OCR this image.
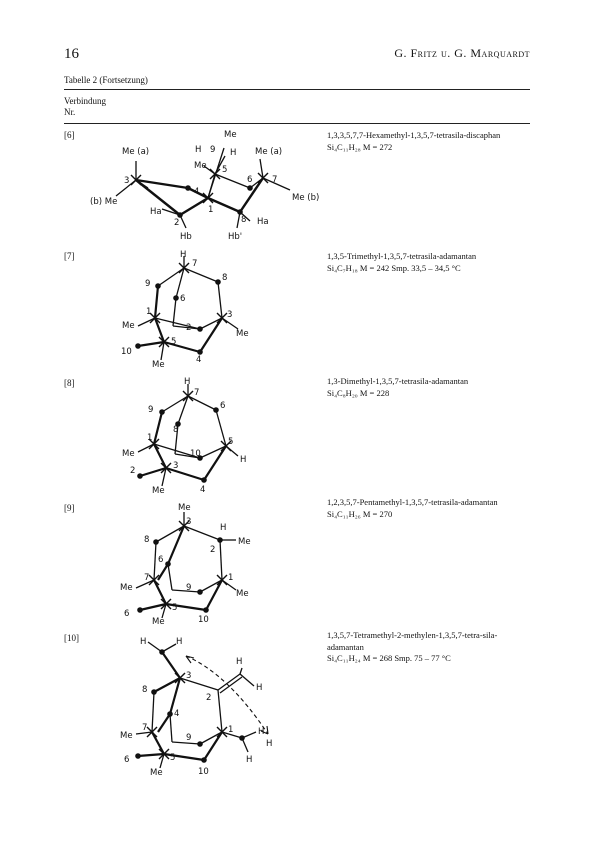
16	G. Fritz u. G. Marquardt
Tabelle 2 (Fortsetzung)
Verbindung
Nr.
[6]	1,3,3,5,7,7-Hexamethyl-1,3,5,7-tetrasila-discaphan
Si₄C₁₁H₂₈ M = 272
Me
Me (a)	H 9 H Me (a)
3
Me 5
6 7
4
(b) Me	Me (b)
1
Ha
2	8 Ha
Hb	Hb'
[7]	1,3,5-Trimethyl-1,3,5,7-tetrasila-adamantan
Si₄C₇H₁₈ M = 242 Smp. 33,5 – 34,5 °C
H
7
9
8
6
1	3
2
Me
Me
5
10
4
Me
[8]	1,3-Dimethyl-1,3,5,7-tetrasila-adamantan
Si₄C₈H₂₀ M = 228
H
7
9	6
8
1	5
Me	10
H
3
2
4
Me
[9]
1,2,3,5,7-Pentamethyl-1,3,5,7-tetrasila-adamantan
Si₄C₁₁H₂₆ M = 270
Me
3
8
H
2
Me
6
7
9
1
Me
Me
5
6
10
Me
[10]	1,3,5,7-Tetramethyl-2-methylen-1,3,5,7-tetra-sila-adamantan
Si₄C₁₁H₂₄ M = 268 Smp. 75 – 77 °C
H	H
H
H
8
3
2
4
7
Me	9
1	H
H
6	5
10
Me
H
